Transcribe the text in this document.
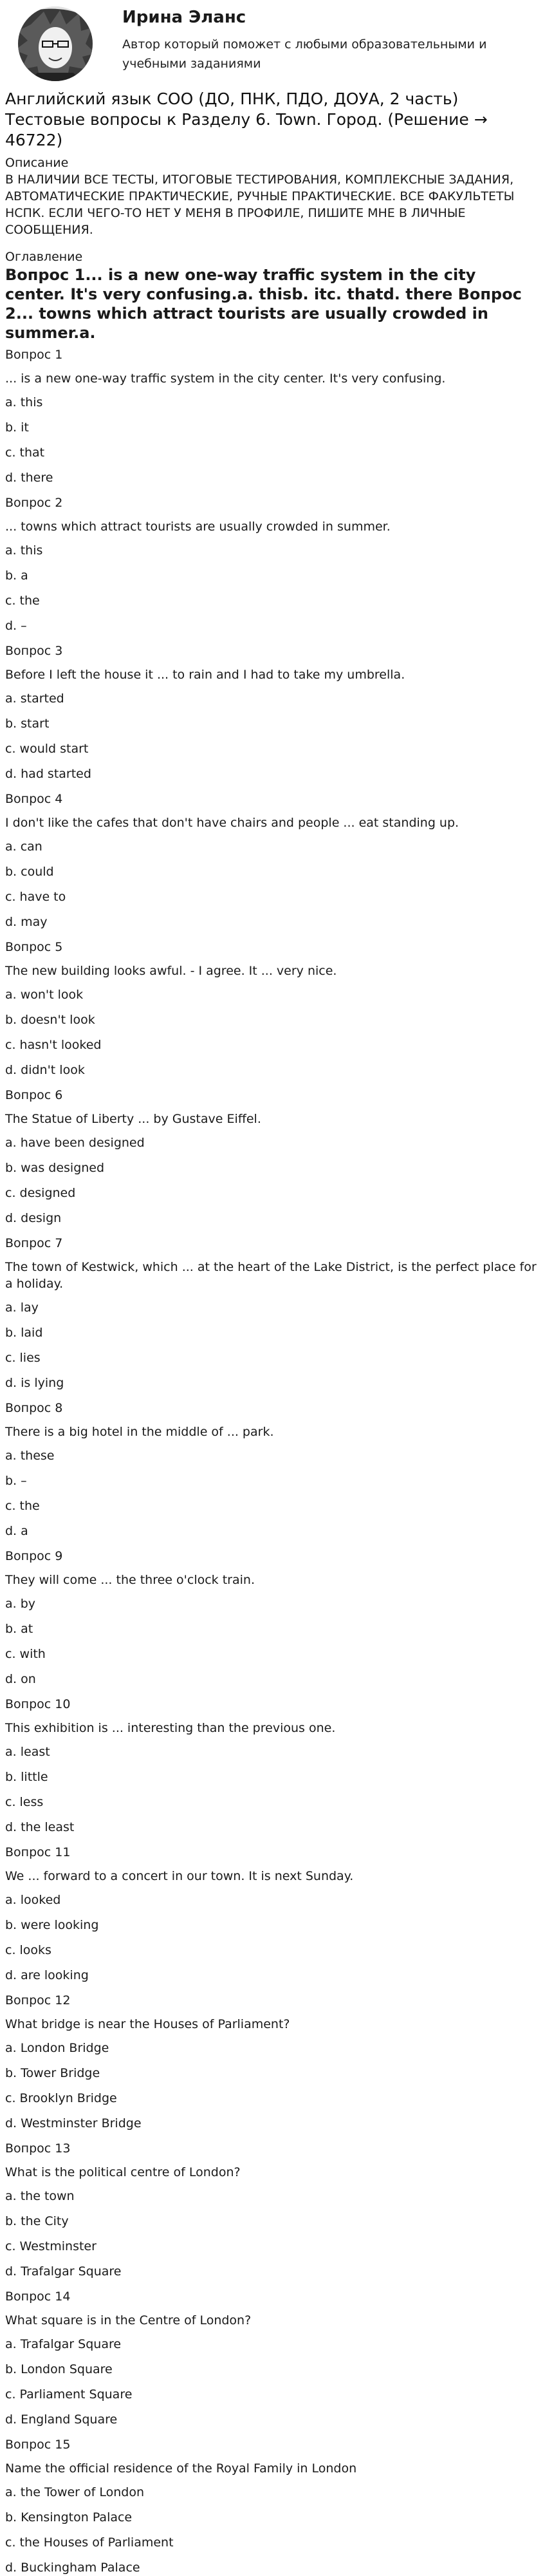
Ирина Эланс

Автор который поможет с любыми образовательными и учебными заданиями

Английский язык СОО (ДО, ПНК, ПДО, ДОУА, 2 часть) Тестовые вопросы к Разделу 6. Town. Город. (Решение → 46722)

Описание

В НАЛИЧИИ ВСЕ ТЕСТЫ, ИТОГОВЫЕ ТЕСТИРОВАНИЯ, КОМПЛЕКСНЫЕ ЗАДАНИЯ, АВТОМАТИЧЕСКИЕ ПРАКТИЧЕСКИЕ, РУЧНЫЕ ПРАКТИЧЕСКИЕ. ВСЕ ФАКУЛЬТЕТЫ НСПК. ЕСЛИ ЧЕГО-ТО НЕТ У МЕНЯ В ПРОФИЛЕ, ПИШИТЕ МНЕ В ЛИЧНЫЕ СООБЩЕНИЯ.

Оглавление

Вопрос 1... is a new one-way traffic system in the city center. It's very confusing.a. thisb. itc. thatd. there Вопрос 2... towns which attract tourists are usually crowded in summer.a.

Вопрос 1

... is a new one-way traffic system in the city center. It's very confusing.

a. this

b. it

c. that

d. there

Вопрос 2

... towns which attract tourists are usually crowded in summer.

a. this

b. a

c. the

d. –

Вопрос 3

Before I left the house it ... to rain and I had to take my umbrella.

a. started

b. start

c. would start

d. had started

Вопрос 4

I don't like the cafes that don't have chairs and people ... eat standing up.

a. can

b. could

c. have to

d. may

Вопрос 5

The new building looks awful. - I agree. It ... very nice.

a. won't look

b. doesn't look

c. hasn't looked

d. didn't look

Вопрос 6

The Statue of Liberty ... by Gustave Eiffel.

a. have been designed

b. was designed

c. designed

d. design

Вопрос 7

The town of Kestwick, which ... at the heart of the Lake District, is the perfect place for a holiday.

a. lay

b. laid

c. lies

d. is lying

Вопрос 8

There is a big hotel in the middle of ... park.

a. these

b. –

c. the

d. a

Вопрос 9

They will come ... the three o'clock train.

a. by

b. at

c. with

d. on

Вопрос 10

This exhibition is ... interesting than the previous one.

a. least

b. little

c. less

d. the least

Вопрос 11

We ... forward to a concert in our town. It is next Sunday.

a. looked

b. were looking

c. looks

d. are looking

Вопрос 12

What bridge is near the Houses of Parliament?

a. London Bridge

b. Tower Bridge

c. Brooklyn Bridge

d. Westminster Bridge

Вопрос 13

What is the political centre of London?

a. the town

b. the City

c. Westminster

d. Trafalgar Square

Вопрос 14

What square is in the Centre of London?

a. Trafalgar Square

b. London Square

c. Parliament Square

d. England Square

Вопрос 15

Name the official residence of the Royal Family in London

a. the Tower of London

b. Kensington Palace

c. the Houses of Parliament

d. Buckingham Palace
